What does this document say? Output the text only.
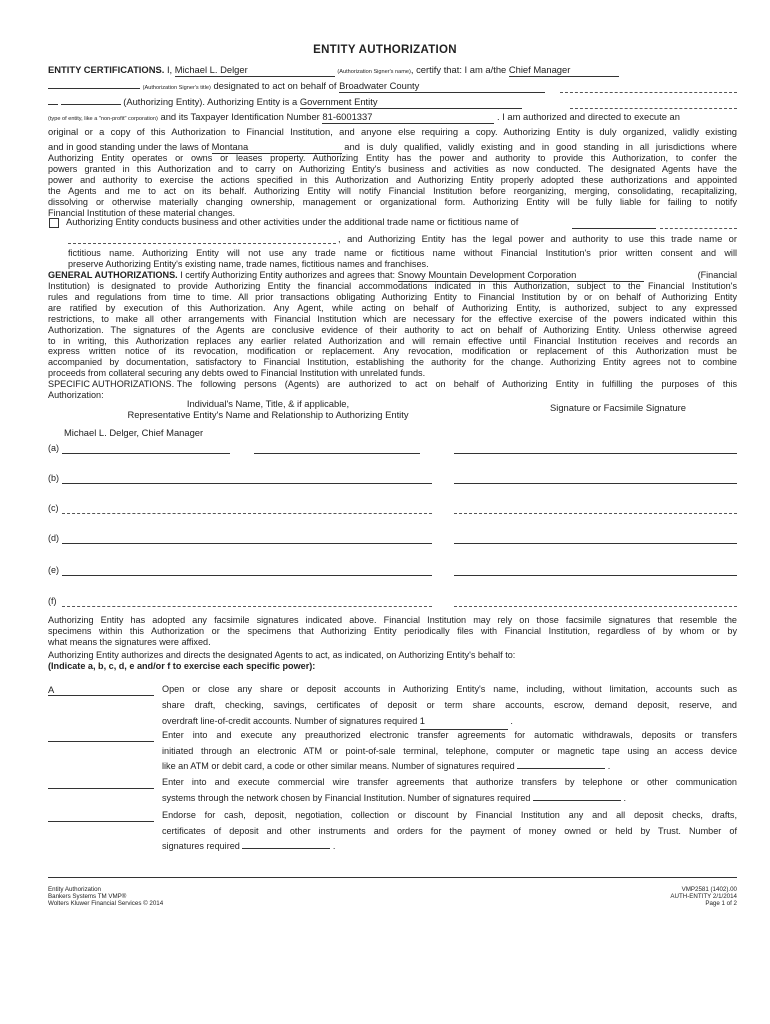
ENTITY AUTHORIZATION
ENTITY CERTIFICATIONS. I, Michael L. Delger	(Authorization Signer's name), certify that: I am a/the Chief Manager
(Authorization Signer's title) designated to act on behalf of Broadwater County
(Authorizing Entity). Authorizing Entity is a Government Entity
(type of entity, like a "non-profit" corporation) and its Taxpayer Identification Number 81-6001337	. I am authorized and directed to execute an
original or a copy of this Authorization to Financial Institution, and anyone else requiring a copy. Authorizing Entity is duly organized, validly existing
and in good standing under the laws of
Montana
	and is duly qualified, validly existing and in good standing in all jurisdictions where
Authorizing Entity operates or owns or leases property. Authorizing Entity has the power and authority to provide this Authorization, to confer the
powers granted in this Authorization and to carry on Authorizing Entity's business and activities as now conducted. The designated Agents have the
power and authority to exercise the actions specified in this Authorization and Authorizing Entity properly adopted these authorizations and appointed
the Agents and me to act on its behalf. Authorizing Entity will notify Financial Institution before reorganizing, merging, consolidating, recapitalizing,
dissolving or otherwise materially changing ownership, management or organizational form. Authorizing Entity will be fully liable for failing to notify
Financial Institution of these material changes.
Authorizing Entity conducts business and other activities under the additional trade name or fictitious name of
, and Authorizing Entity has the legal power and authority to use this trade name or
fictitious name. Authorizing Entity will not use any trade name or fictitious name without Financial Institution's prior written consent and will
preserve Authorizing Entity's existing name, trade names, fictitious names and franchises.
GENERAL AUTHORIZATIONS.
I certify Authorizing Entity authorizes and agrees that:
Snowy Mountain Development Corporation	(Financial
Institution) is designated to provide Authorizing Entity the financial accommodations indicated in this Authorization, subject to the Financial Institution's
rules and regulations from time to time. All prior transactions obligating Authorizing Entity to Financial Institution by or on behalf of Authorizing Entity
are ratified by execution of this Authorization. Any Agent, while acting on behalf of Authorizing Entity, is authorized, subject to any expressed
restrictions, to make all other arrangements with Financial Institution which are necessary for the effective exercise of the powers indicated within this
Authorization. The signatures of the Agents are conclusive evidence of their authority to act on behalf of Authorizing Entity. Unless otherwise agreed
to in writing, this Authorization replaces any earlier related Authorization and will remain effective until Financial Institution receives and records an
express written notice of its revocation, modification or replacement. Any revocation, modification or replacement of this Authorization must be
accompanied by documentation, satisfactory to Financial Institution, establishing the authority for the change. Authorizing Entity agrees not to combine
proceeds from collateral securing any debts owed to Financial Institution with unrelated funds.
SPECIFIC AUTHORIZATIONS.
The following persons (Agents) are authorized to act on behalf of Authorizing Entity in fulfilling the purposes of this
Authorization:
Individual's Name, Title, & if applicable,
Representative Entity's Name and Relationship to Authorizing Entity
Signature or Facsimile Signature
Michael L. Delger, Chief Manager
(a)
(b)
(c)
(d)
(e)
(f)
Authorizing Entity has adopted any facsimile signatures indicated above. Financial Institution may rely on those facsimile signatures that resemble the
specimens within this Authorization or the specimens that Authorizing Entity periodically files with Financial Institution, regardless of by whom or by
what means the signatures were affixed.
Authorizing Entity authorizes and directs the designated Agents to act, as indicated, on Authorizing Entity's behalf to:
(Indicate a, b, c, d, e and/or f to exercise each specific power):
A	Open or close any share or deposit accounts in Authorizing Entity's name, including, without limitation, accounts such as
share draft, checking, savings, certificates of deposit or term share accounts, escrow, demand deposit, reserve, and
overdraft line-of-credit accounts. Number of signatures required 1	.
Enter into and execute any preauthorized electronic transfer agreements for automatic withdrawals, deposits or transfers
initiated through an electronic ATM or point-of-sale terminal, telephone, computer or magnetic tape using an access device
like an ATM or debit card, a code or other similar means. Number of signatures required	.
Enter into and execute commercial wire transfer agreements that authorize transfers by telephone or other communication
systems through the network chosen by Financial Institution. Number of signatures required	.
Endorse for cash, deposit, negotiation, collection or discount by Financial Institution any and all deposit checks, drafts,
certificates of deposit and other instruments and orders for the payment of money owned or held by Trust. Number of
signatures required	.
Entity Authorization
Bankers Systems TM VMP®
Wolters Kluwer Financial Services © 2014
VMP2581 (1402).00
AUTH-ENTITY 2/1/2014
Page 1 of 2
